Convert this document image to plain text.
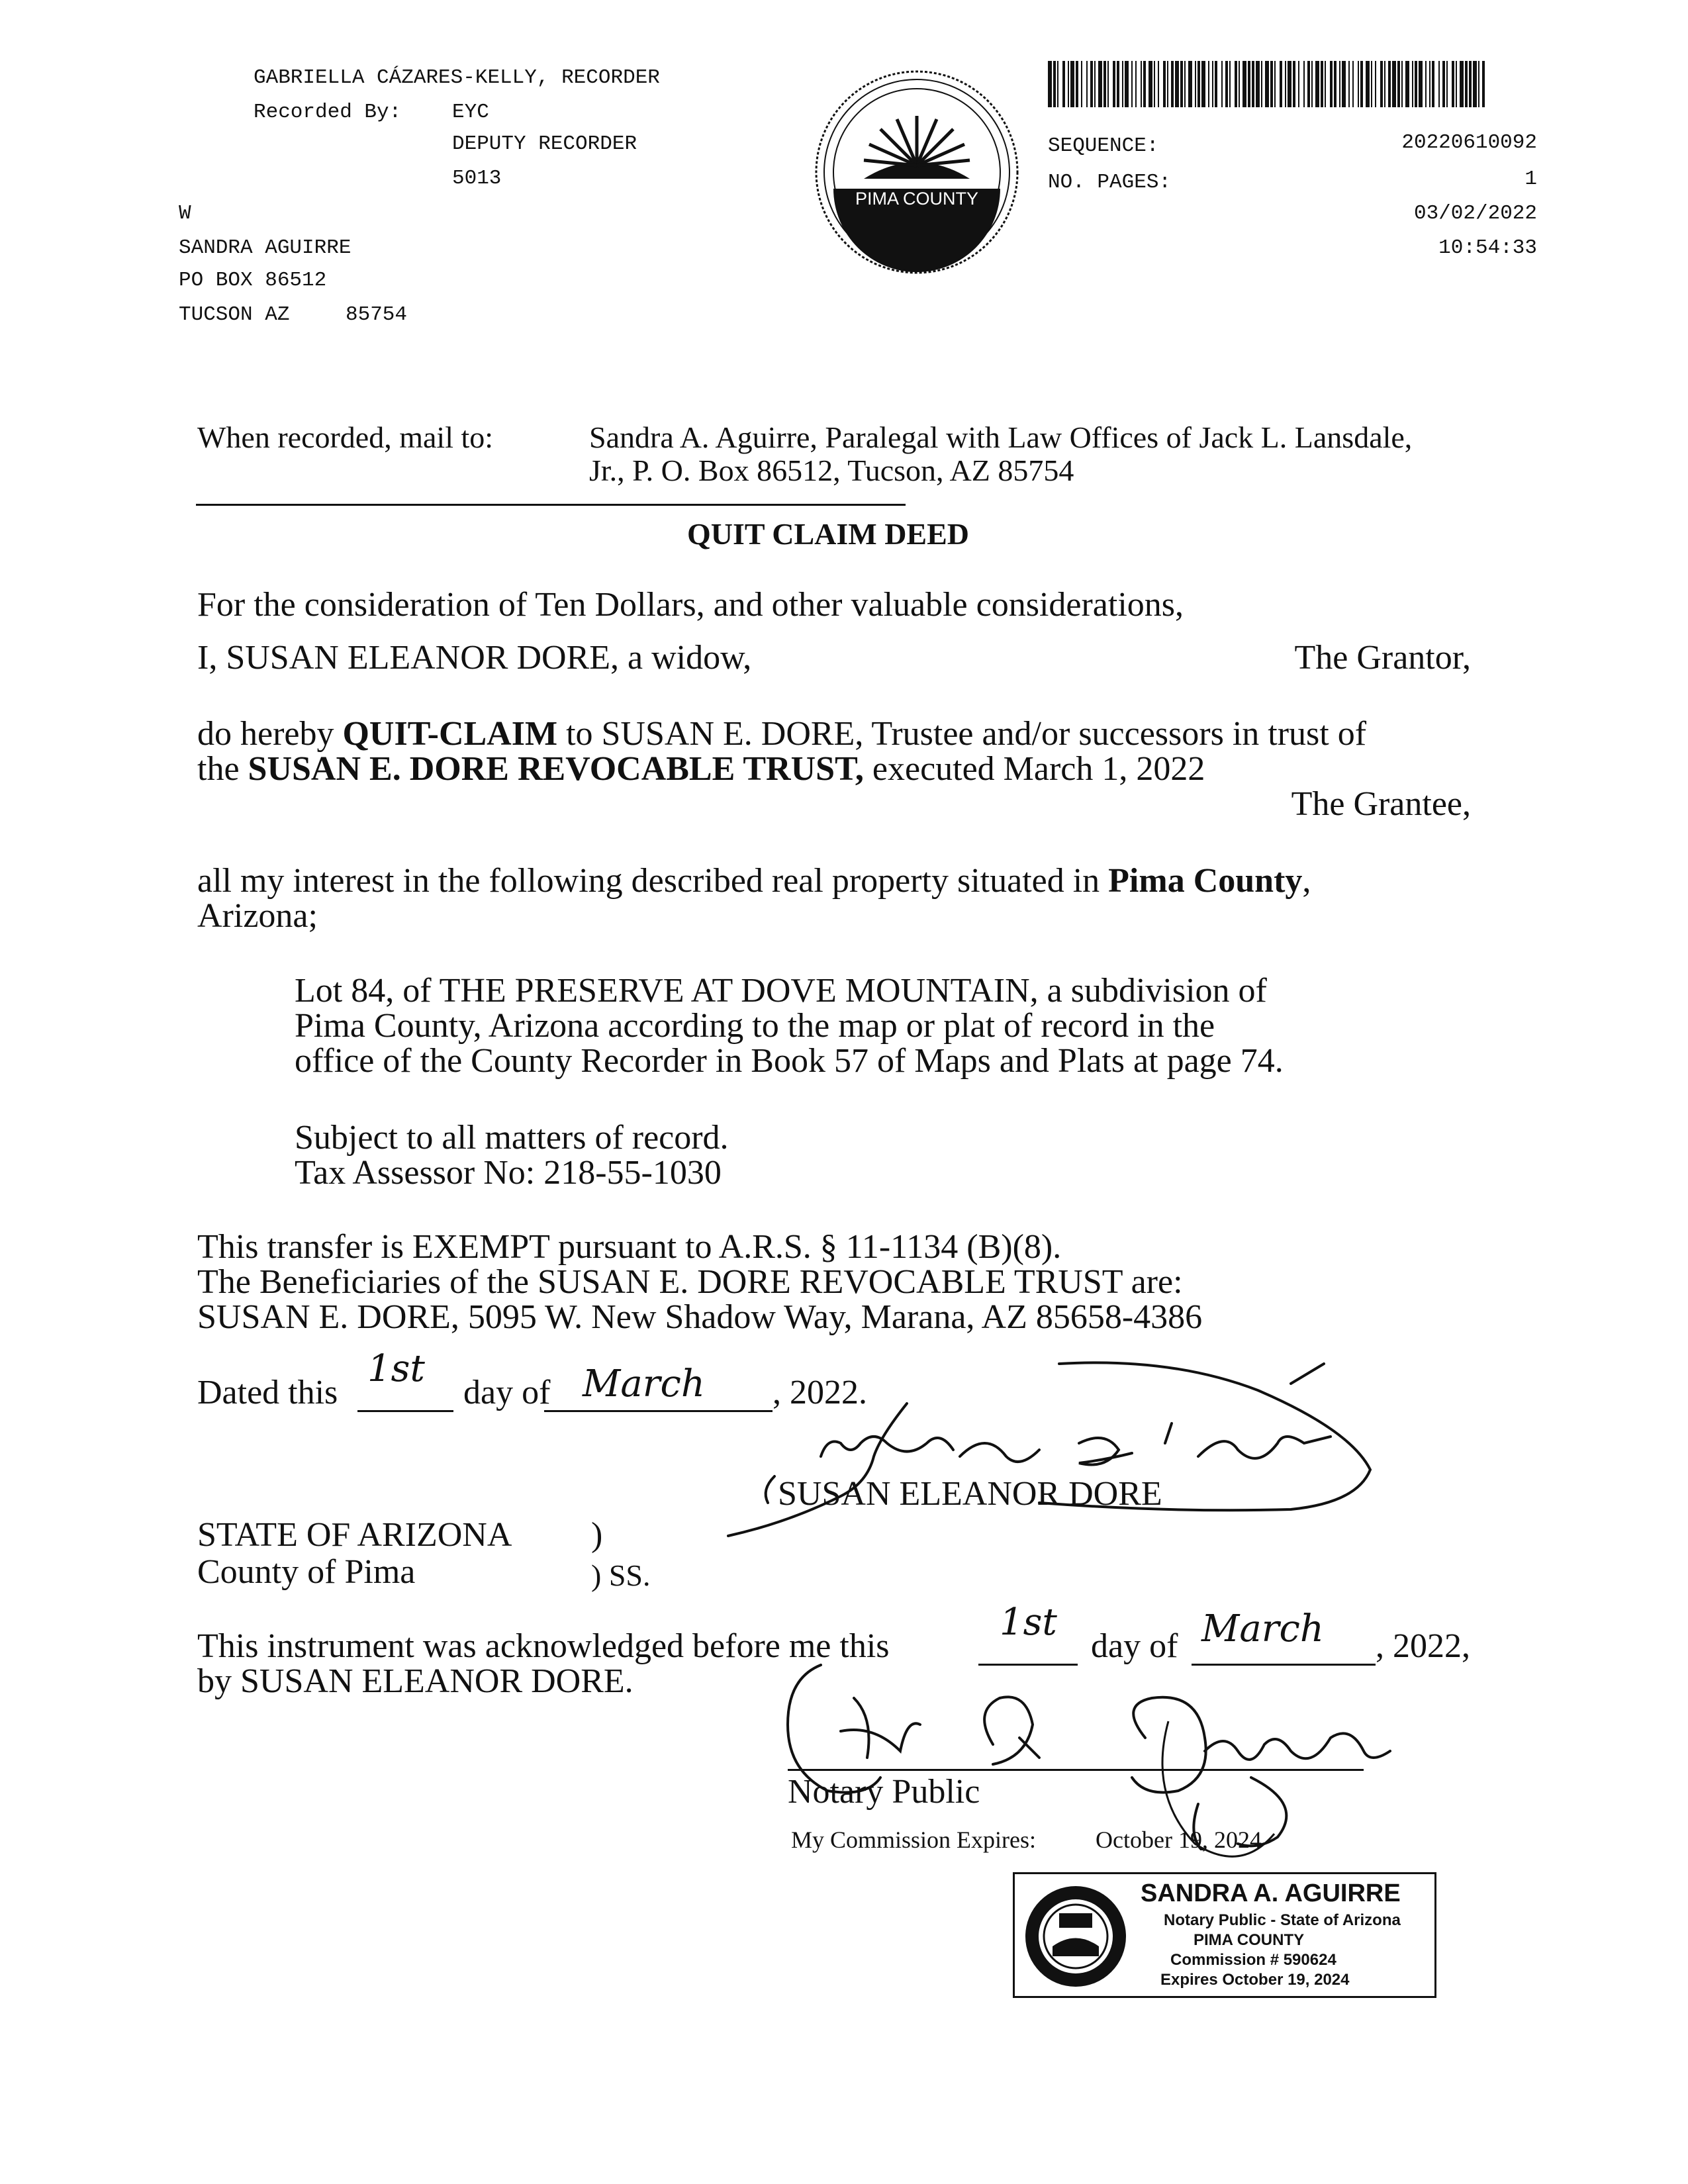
GABRIELLA CÁZARES-KELLY, RECORDER
Recorded By: EYC
DEPUTY RECORDER
5013
W
SANDRA AGUIRRE
PO BOX 86512
TUCSON AZ	85754
PIMA COUNTY
SEQUENCE:	20220610092
NO. PAGES:	1
03/02/2022
10:54:33
When recorded, mail to:	Sandra A. Aguirre, Paralegal with Law Offices of Jack L. Lansdale,
Jr., P. O. Box 86512, Tucson, AZ 85754
QUIT CLAIM DEED
For the consideration of Ten Dollars, and other valuable considerations,
I, SUSAN ELEANOR DORE, a widow,	The Grantor,
do hereby QUIT-CLAIM to SUSAN E. DORE, Trustee and/or successors in trust of
the SUSAN E. DORE REVOCABLE TRUST, executed March 1, 2022
The Grantee,
all my interest in the following described real property situated in Pima County,
Arizona;
Lot 84, of THE PRESERVE AT DOVE MOUNTAIN, a subdivision of
Pima County, Arizona according to the map or plat of record in the
office of the County Recorder in Book 57 of Maps and Plats at page 74.
Subject to all matters of record.
Tax Assessor No: 218-55-1030
This transfer is EXEMPT pursuant to A.R.S. § 11-1134 (B)(8).
The Beneficiaries of the SUSAN E. DORE REVOCABLE TRUST are:
SUSAN E. DORE, 5095 W. New Shadow Way, Marana, AZ 85658-4386
Dated this
1st
day of March , 2022.
SUSAN ELEANOR DORE
STATE OF ARIZONA )
County of Pima	) SS.
This instrument was acknowledged before me this
1st
day of March , 2022,
by SUSAN ELEANOR DORE.
Notary Public
My Commission Expires: October 19, 2024
SANDRA A. AGUIRRE
Notary Public - State of Arizona
PIMA COUNTY
Commission # 590624
Expires October 19, 2024
